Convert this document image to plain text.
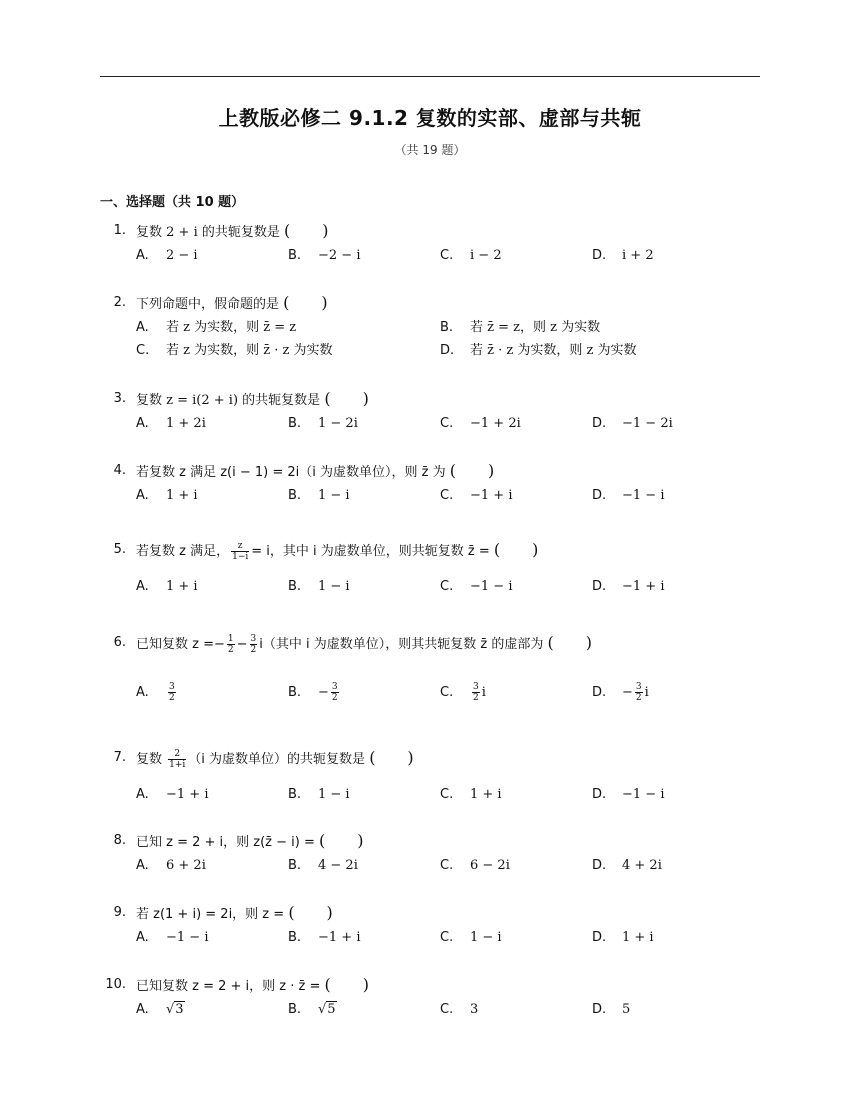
上教版必修二 9.1.2 复数的实部、虚部与共轭
（共 19 题）
一、选择题（共 10 题）
1. 复数 2 + i 的共轭复数是 (　　)
A. 2 − i	B. −2 − i	C. i − 2	D. i + 2
2. 下列命题中，假命题的是 (　　)
A. 若 z 为实数，则 z̄ = z	B. 若 z̄ = z，则 z 为实数
C. 若 z 为实数，则 z̄ · z 为实数	D. 若 z̄ · z 为实数，则 z 为实数
3. 复数 z = i(2 + i) 的共轭复数是 (　　)
A. 1 + 2i	B. 1 − 2i	C. −1 + 2i	D. −1 − 2i
4. 若复数 z 满足 z(i − 1) = 2i（i 为虚数单位），则 z̄ 为 (　　)
A. 1 + i	B. 1 − i	C. −1 + i	D. −1 − i
5. 若复数 z 满足， $\frac{z}{1-i} = i$，其中 i 为虚数单位，则共轭复数 z̄ = (　　)
A. 1 + i	B. 1 − i	C. −1 − i	D. −1 + i
6. 已知复数 $z =- \frac{1}{2} - \frac{3}{2} i$（其中 i 为虚数单位），则其共轭复数 z̄ 的虚部为 (　　)
A. $\frac{3}{2}$	B. − $\frac{3}{2}$	C. $\frac{3}{2}$ i	D. − $\frac{3}{2}$ i
7. 复数 $\frac{2}{1+i} (i$ 为虚数单位）的共轭复数是 (　　)
A. −1 + i	B. 1 − i	C. 1 + i	D. −1 − i
8. 已知 z = 2 + i，则 z(z̄ − i) = (　　)
A. 6 + 2i	B. 4 − 2i	C. 6 − 2i	D. 4 + 2i
9. 若 z(1 + i) = 2i，则 z = (　　)
A. −1 − i	B. −1 + i	C. 1 − i	D. 1 + i
10. 已知复数 z = 2 + i，则 z · z̄ = (　　)
A. √3	B. √5	C. 3	D. 5
